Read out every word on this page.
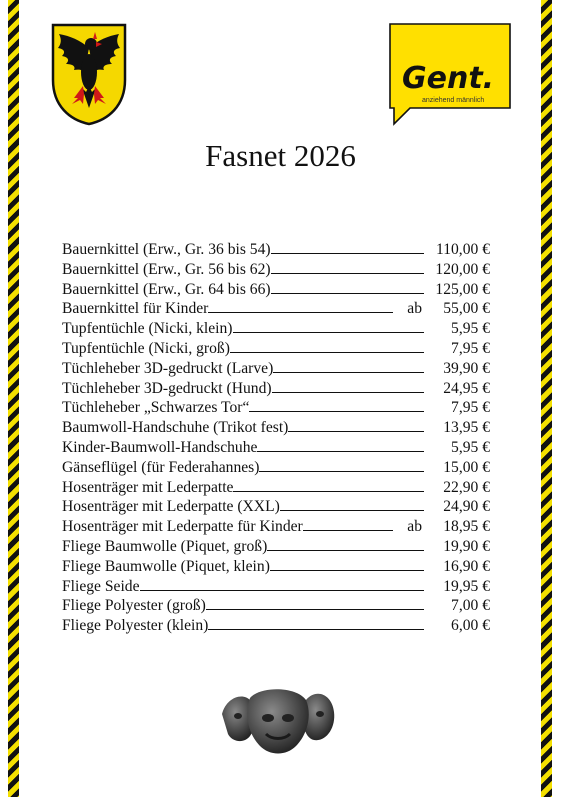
Gent.
anziehend männlich
Fasnet 2026
Bauernkittel (Erw., Gr. 36 bis 54)	110,00 €
Bauernkittel (Erw., Gr. 56 bis 62)	120,00 €
Bauernkittel (Erw., Gr. 64 bis 66)	125,00 €
Bauernkittel für Kinder	ab	55,00 €
Tupfentüchle (Nicki, klein)	5,95 €
Tupfentüchle (Nicki, groß)	7,95 €
Tüchleheber 3D-gedruckt (Larve)	39,90 €
Tüchleheber 3D-gedruckt (Hund)	24,95 €
Tüchleheber „Schwarzes Tor“	7,95 €
Baumwoll-Handschuhe (Trikot fest)	13,95 €
Kinder-Baumwoll-Handschuhe	5,95 €
Gänseflügel (für Federahannes)	15,00 €
Hosenträger mit Lederpatte	22,90 €
Hosenträger mit Lederpatte (XXL)	24,90 €
Hosenträger mit Lederpatte für Kinder	ab	18,95 €
Fliege Baumwolle (Piquet, groß)	19,90 €
Fliege Baumwolle (Piquet, klein)	16,90 €
Fliege Seide	19,95 €
Fliege Polyester (groß)	7,00 €
Fliege Polyester (klein)	6,00 €
